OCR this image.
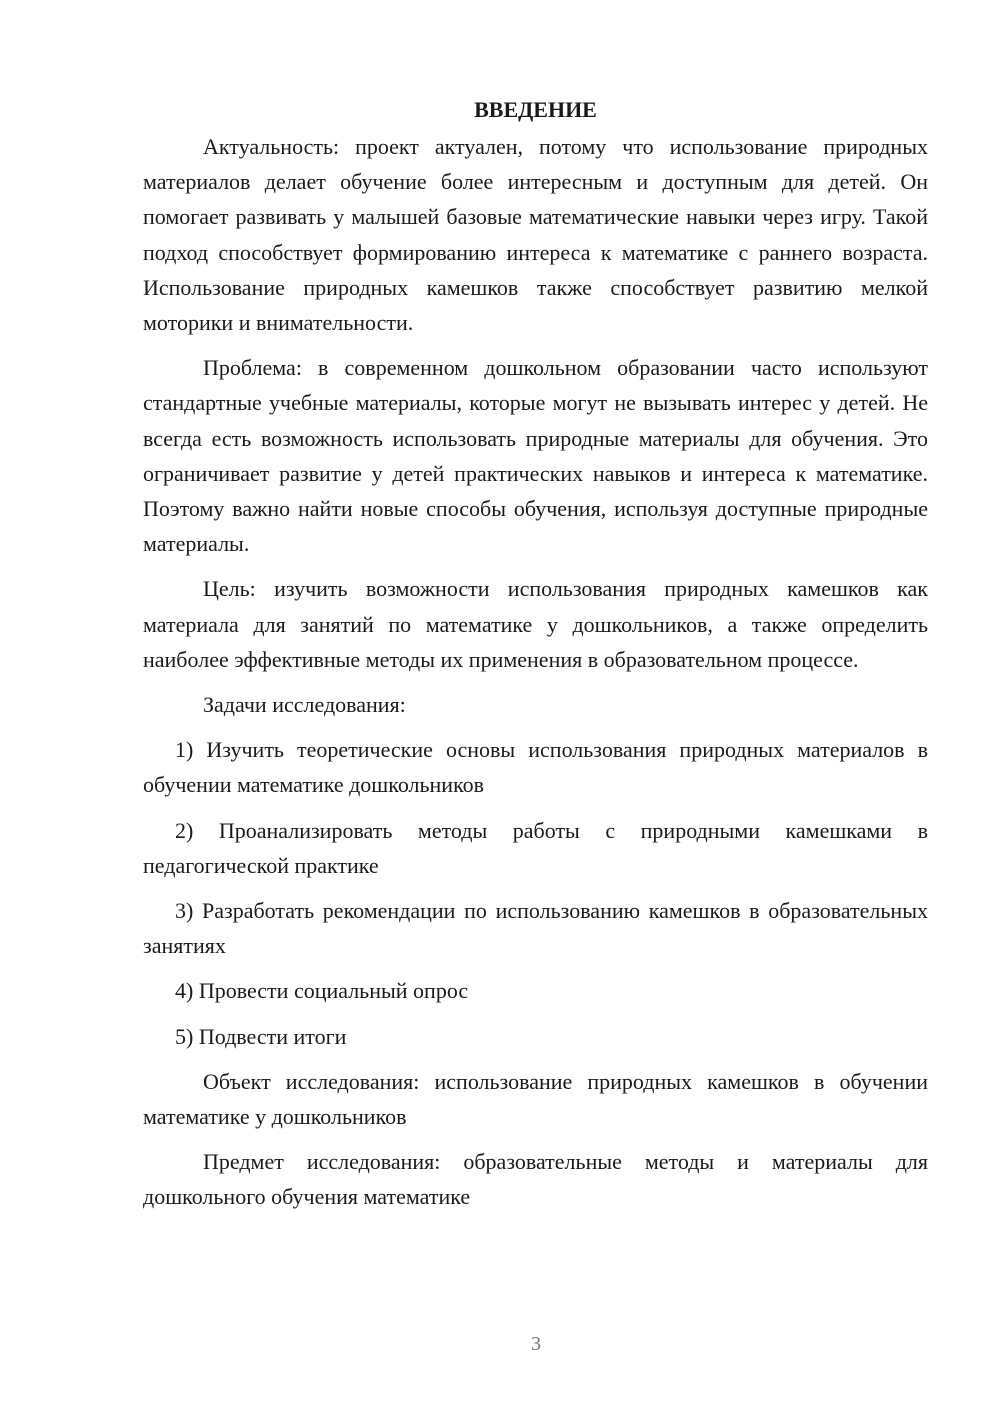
ВВЕДЕНИЕ

Актуальность: проект актуален, потому что использование природных материалов делает обучение более интересным и доступным для детей. Он помогает развивать у малышей базовые математические навыки через игру. Такой подход способствует формированию интереса к математике с раннего возраста. Использование природных камешков также способствует развитию мелкой моторики и внимательности.

Проблема: в современном дошкольном образовании часто используют стандартные учебные материалы, которые могут не вызывать интерес у детей. Не всегда есть возможность использовать природные материалы для обучения. Это ограничивает развитие у детей практических навыков и интереса к математике. Поэтому важно найти новые способы обучения, используя доступные природные материалы.

Цель: изучить возможности использования природных камешков как материала для занятий по математике у дошкольников, а также определить наиболее эффективные методы их применения в образовательном процессе.

Задачи исследования:

1) Изучить теоретические основы использования природных материалов в обучении математике дошкольников

2) Проанализировать методы работы с природными камешками в педагогической практике

3) Разработать рекомендации по использованию камешков в образовательных занятиях

4) Провести социальный опрос

5) Подвести итоги

Объект исследования: использование природных камешков в обучении математике у дошкольников

Предмет исследования: образовательные методы и материалы для дошкольного обучения математике

3
